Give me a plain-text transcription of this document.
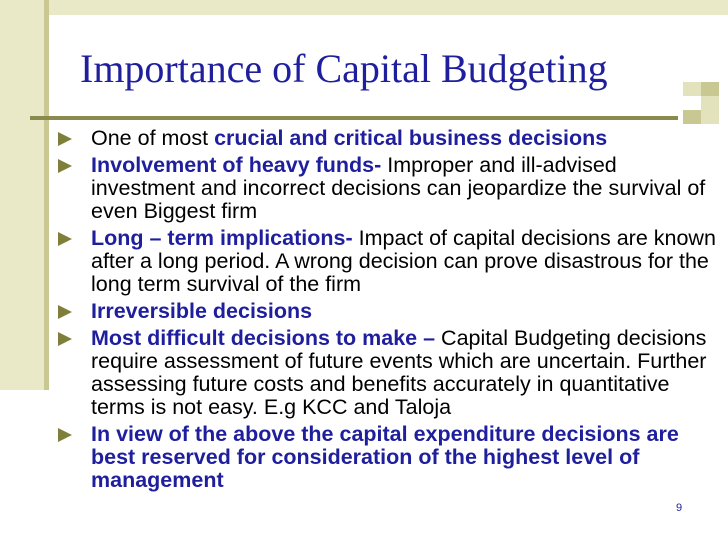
Importance of Capital Budgeting
One of most crucial and critical business decisions
Involvement of heavy funds- Improper and ill-advised investment and incorrect decisions can jeopardize the survival of even Biggest firm
Long – term implications- Impact of capital decisions are known after a long period. A wrong decision can prove disastrous for the long term survival of the firm
Irreversible decisions
Most difficult decisions to make – Capital Budgeting decisions require assessment of future events which are uncertain. Further assessing future costs and benefits accurately in quantitative terms is not easy. E.g KCC and Taloja
In view of the above the capital expenditure decisions are best reserved for consideration of the highest level of management
9
